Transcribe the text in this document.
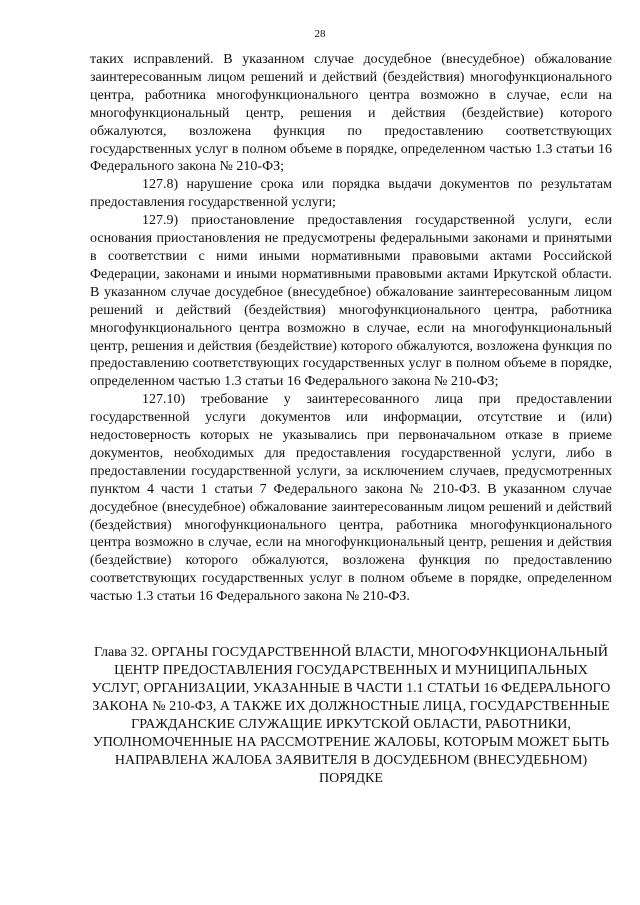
28

таких исправлений. В указанном случае досудебное (внесудебное) обжалование заинтересованным лицом решений и действий (бездействия) многофункционального центра, работника многофункционального центра возможно в случае, если на многофункциональный центр, решения и действия (бездействие) которого обжалуются, возложена функция по предоставлению соответствующих государственных услуг в полном объеме в порядке, определенном частью 1.3 статьи 16 Федерального закона № 210-ФЗ;

127.8) нарушение срока или порядка выдачи документов по результатам предоставления государственной услуги;

127.9) приостановление предоставления государственной услуги, если основания приостановления не предусмотрены федеральными законами и принятыми в соответствии с ними иными нормативными правовыми актами Российской Федерации, законами и иными нормативными правовыми актами Иркутской области. В указанном случае досудебное (внесудебное) обжалование заинтересованным лицом решений и действий (бездействия) многофункционального центра, работника многофункционального центра возможно в случае, если на многофункциональный центр, решения и действия (бездействие) которого обжалуются, возложена функция по предоставлению соответствующих государственных услуг в полном объеме в порядке, определенном частью 1.3 статьи 16 Федерального закона № 210-ФЗ;

127.10) требование у заинтересованного лица при предоставлении государственной услуги документов или информации, отсутствие и (или) недостоверность которых не указывались при первоначальном отказе в приеме документов, необходимых для предоставления государственной услуги, либо в предоставлении государственной услуги, за исключением случаев, предусмотренных пунктом 4 части 1 статьи 7 Федерального закона № 210-ФЗ. В указанном случае досудебное (внесудебное) обжалование заинтересованным лицом решений и действий (бездействия) многофункционального центра, работника многофункционального центра возможно в случае, если на многофункциональный центр, решения и действия (бездействие) которого обжалуются, возложена функция по предоставлению соответствующих государственных услуг в полном объеме в порядке, определенном частью 1.3 статьи 16 Федерального закона № 210-ФЗ.

Глава 32. ОРГАНЫ ГОСУДАРСТВЕННОЙ ВЛАСТИ, МНОГОФУНКЦИОНАЛЬНЫЙ ЦЕНТР ПРЕДОСТАВЛЕНИЯ ГОСУДАРСТВЕННЫХ И МУНИЦИПАЛЬНЫХ УСЛУГ, ОРГАНИЗАЦИИ, УКАЗАННЫЕ В ЧАСТИ 1.1 СТАТЬИ 16 ФЕДЕРАЛЬНОГО ЗАКОНА № 210-ФЗ, А ТАКЖЕ ИХ ДОЛЖНОСТНЫЕ ЛИЦА, ГОСУДАРСТВЕННЫЕ ГРАЖДАНСКИЕ СЛУЖАЩИЕ ИРКУТСКОЙ ОБЛАСТИ, РАБОТНИКИ, УПОЛНОМОЧЕННЫЕ НА РАССМОТРЕНИЕ ЖАЛОБЫ, КОТОРЫМ МОЖЕТ БЫТЬ НАПРАВЛЕНА ЖАЛОБА ЗАЯВИТЕЛЯ В ДОСУДЕБНОМ (ВНЕСУДЕБНОМ) ПОРЯДКЕ
